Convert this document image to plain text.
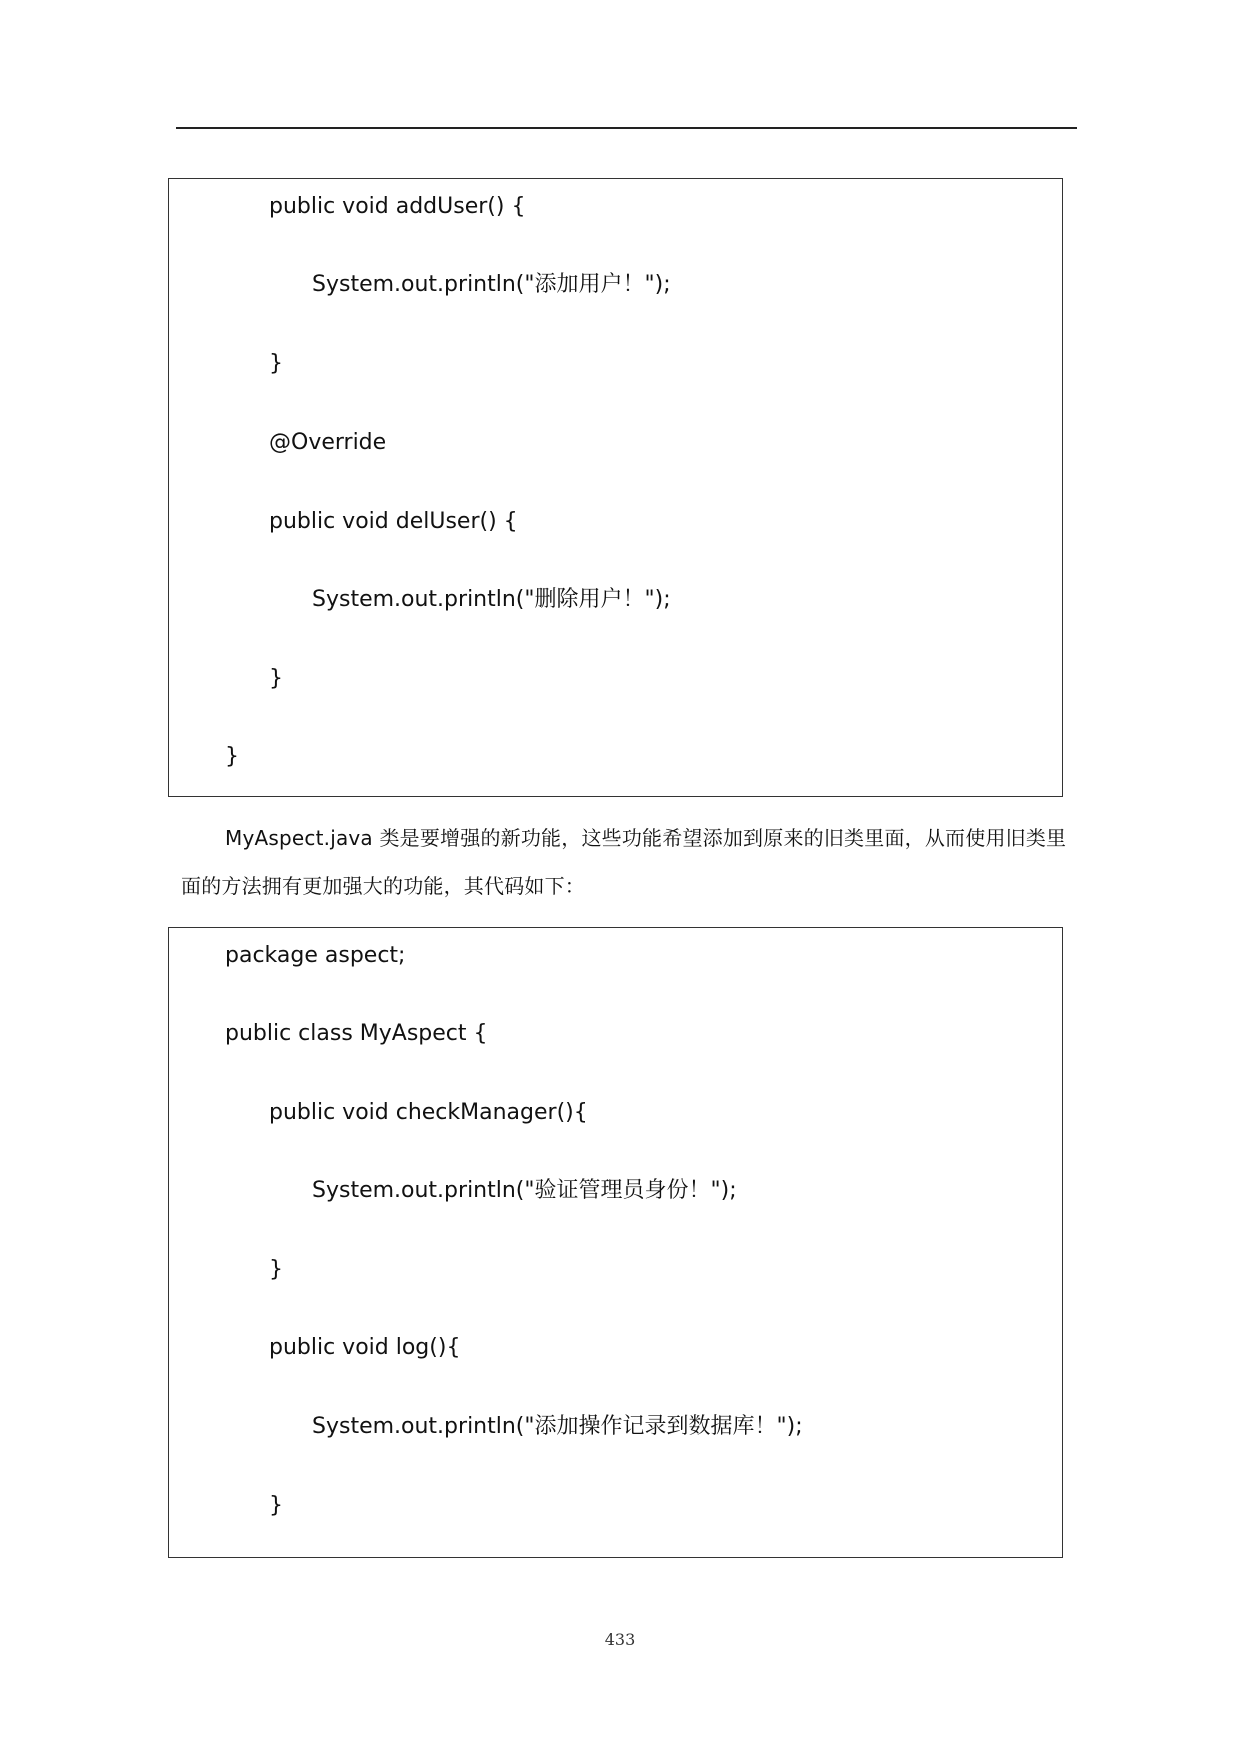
public void addUser() {
System.out.println("添加用户！");
}
@Override
public void delUser() {
System.out.println("删除用户！");
}
}

MyAspect.java 类是要增强的新功能，这些功能希望添加到原来的旧类里面，从而使用旧类里面的方法拥有更加强大的功能，其代码如下：

package aspect;
public class MyAspect {
public void checkManager(){
System.out.println("验证管理员身份！");
}
public void log(){
System.out.println("添加操作记录到数据库！");
}
433
